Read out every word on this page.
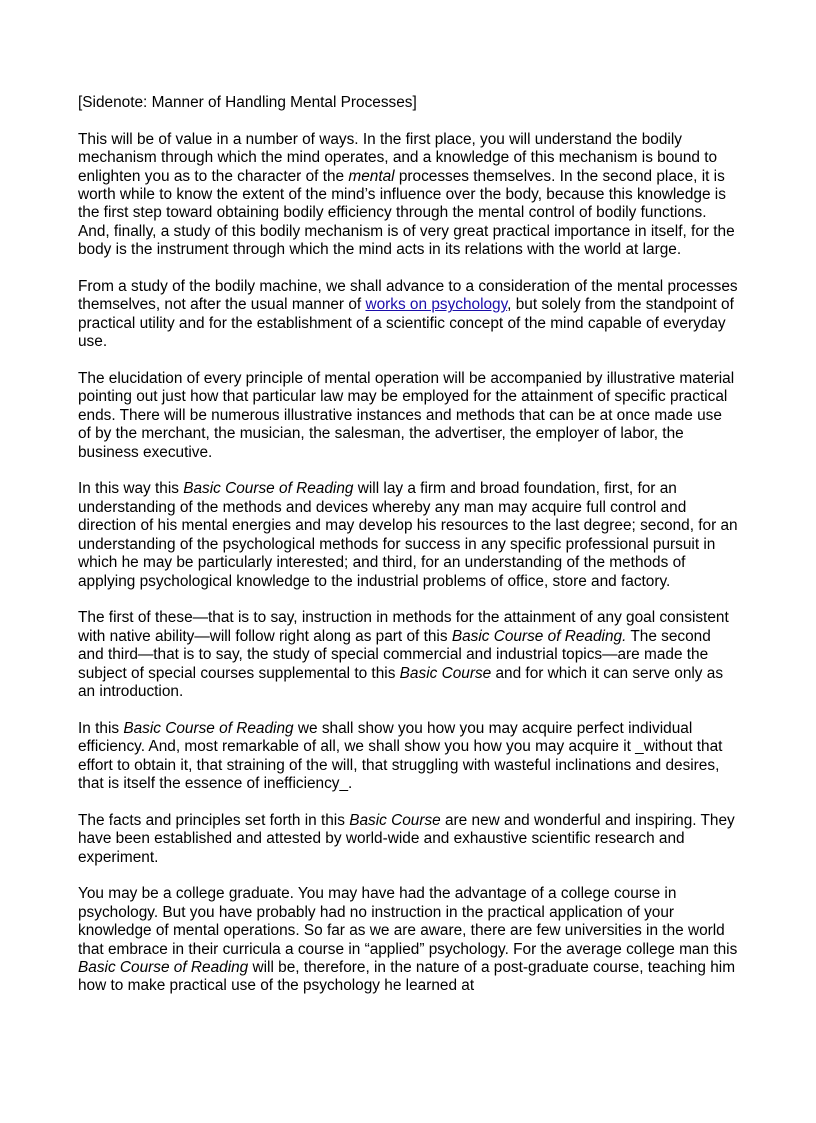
[Sidenote: Manner of Handling Mental Processes]

This will be of value in a number of ways. In the first place, you will understand the bodily mechanism through which the mind operates, and a knowledge of this mechanism is bound to enlighten you as to the character of the mental processes themselves. In the second place, it is worth while to know the extent of the mind’s influence over the body, because this knowledge is the first step toward obtaining bodily efficiency through the mental control of bodily functions. And, finally, a study of this bodily mechanism is of very great practical importance in itself, for the body is the instrument through which the mind acts in its relations with the world at large.

From a study of the bodily machine, we shall advance to a consideration of the mental processes themselves, not after the usual manner of works on psychology, but solely from the standpoint of practical utility and for the establishment of a scientific concept of the mind capable of everyday use.

The elucidation of every principle of mental operation will be accompanied by illustrative material pointing out just how that particular law may be employed for the attainment of specific practical ends. There will be numerous illustrative instances and methods that can be at once made use of by the merchant, the musician, the salesman, the advertiser, the employer of labor, the business executive.

In this way this Basic Course of Reading will lay a firm and broad foundation, first, for an understanding of the methods and devices whereby any man may acquire full control and direction of his mental energies and may develop his resources to the last degree; second, for an understanding of the psychological methods for success in any specific professional pursuit in which he may be particularly interested; and third, for an understanding of the methods of applying psychological knowledge to the industrial problems of office, store and factory.

The first of these—that is to say, instruction in methods for the attainment of any goal consistent with native ability—will follow right along as part of this Basic Course of Reading. The second and third—that is to say, the study of special commercial and industrial topics—are made the subject of special courses supplemental to this Basic Course and for which it can serve only as an introduction.

In this Basic Course of Reading we shall show you how you may acquire perfect individual efficiency. And, most remarkable of all, we shall show you how you may acquire it _without that effort to obtain it, that straining of the will, that struggling with wasteful inclinations and desires, that is itself the essence of inefficiency_.

The facts and principles set forth in this Basic Course are new and wonderful and inspiring. They have been established and attested by world-wide and exhaustive scientific research and experiment.

You may be a college graduate. You may have had the advantage of a college course in psychology. But you have probably had no instruction in the practical application of your knowledge of mental operations. So far as we are aware, there are few universities in the world that embrace in their curricula a course in “applied” psychology. For the average college man this Basic Course of Reading will be, therefore, in the nature of a post-graduate course, teaching him how to make practical use of the psychology he learned at
